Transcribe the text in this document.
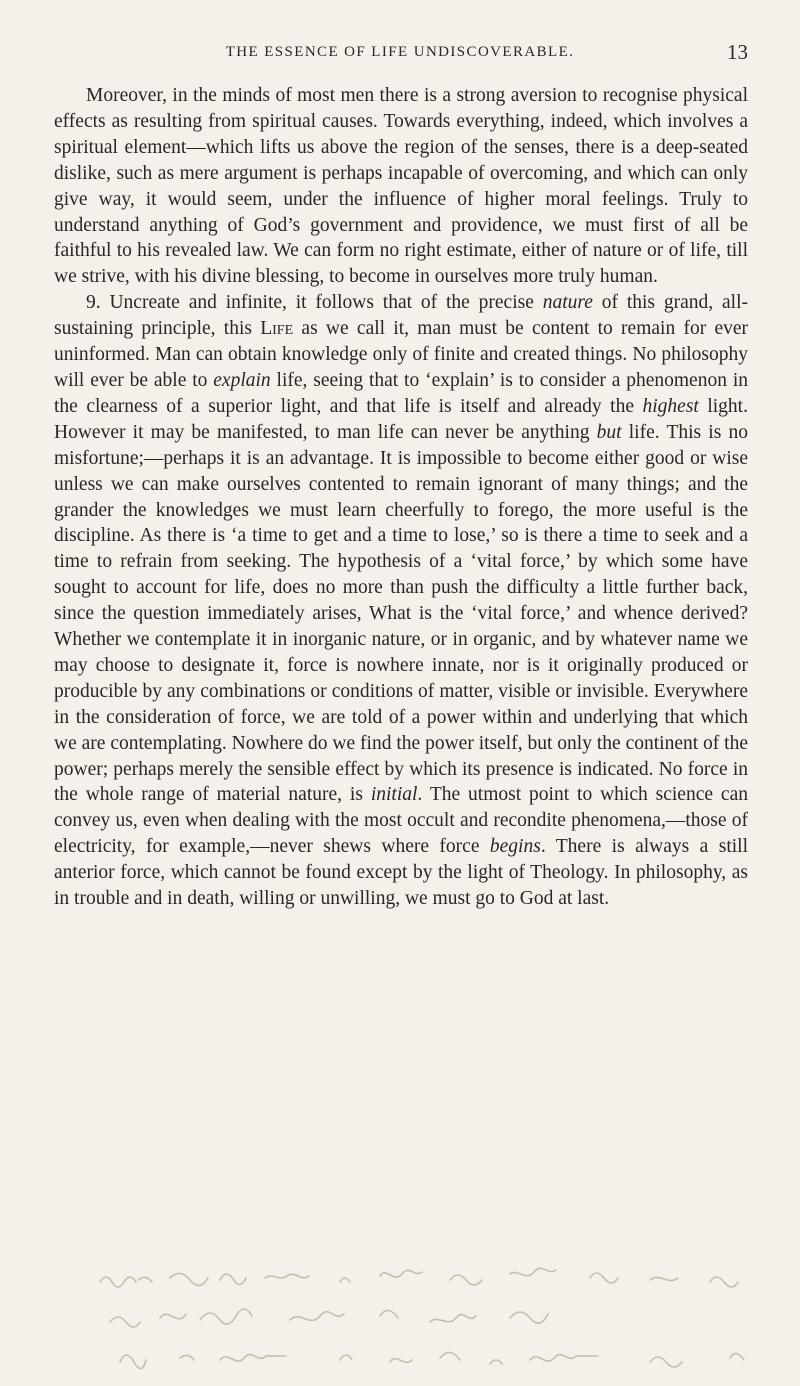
THE ESSENCE OF LIFE UNDISCOVERABLE.	13

Moreover, in the minds of most men there is a strong aversion to recognise physical effects as resulting from spiritual causes. Towards everything, indeed, which involves a spiritual element—which lifts us above the region of the senses, there is a deep-seated dislike, such as mere argument is perhaps incapable of overcoming, and which can only give way, it would seem, under the influence of higher moral feelings. Truly to understand anything of God’s government and providence, we must first of all be faithful to his revealed law. We can form no right estimate, either of nature or of life, till we strive, with his divine blessing, to become in ourselves more truly human.

9. Uncreate and infinite, it follows that of the precise nature of this grand, all-sustaining principle, this Life as we call it, man must be content to remain for ever uninformed. Man can obtain knowledge only of finite and created things. No philosophy will ever be able to explain life, seeing that to ‘explain’ is to consider a phenomenon in the clearness of a superior light, and that life is itself and already the highest light. However it may be manifested, to man life can never be anything but life. This is no misfortune;—perhaps it is an advantage. It is impossible to become either good or wise unless we can make ourselves contented to remain ignorant of many things; and the grander the knowledges we must learn cheerfully to forego, the more useful is the discipline. As there is ‘a time to get and a time to lose,’ so is there a time to seek and a time to refrain from seeking. The hypothesis of a ‘vital force,’ by which some have sought to account for life, does no more than push the difficulty a little further back, since the question immediately arises, What is the ‘vital force,’ and whence derived? Whether we contemplate it in inorganic nature, or in organic, and by whatever name we may choose to designate it, force is nowhere innate, nor is it originally produced or producible by any combinations or conditions of matter, visible or invisible. Everywhere in the consideration of force, we are told of a power within and underlying that which we are contemplating. Nowhere do we find the power itself, but only the continent of the power; perhaps merely the sensible effect by which its presence is indicated. No force in the whole range of material nature, is initial. The utmost point to which science can convey us, even when dealing with the most occult and recondite phenomena,—those of electricity, for example,—never shews where force begins. There is always a still anterior force, which cannot be found except by the light of Theology. In philosophy, as in trouble and in death, willing or unwilling, we must go to God at last.
